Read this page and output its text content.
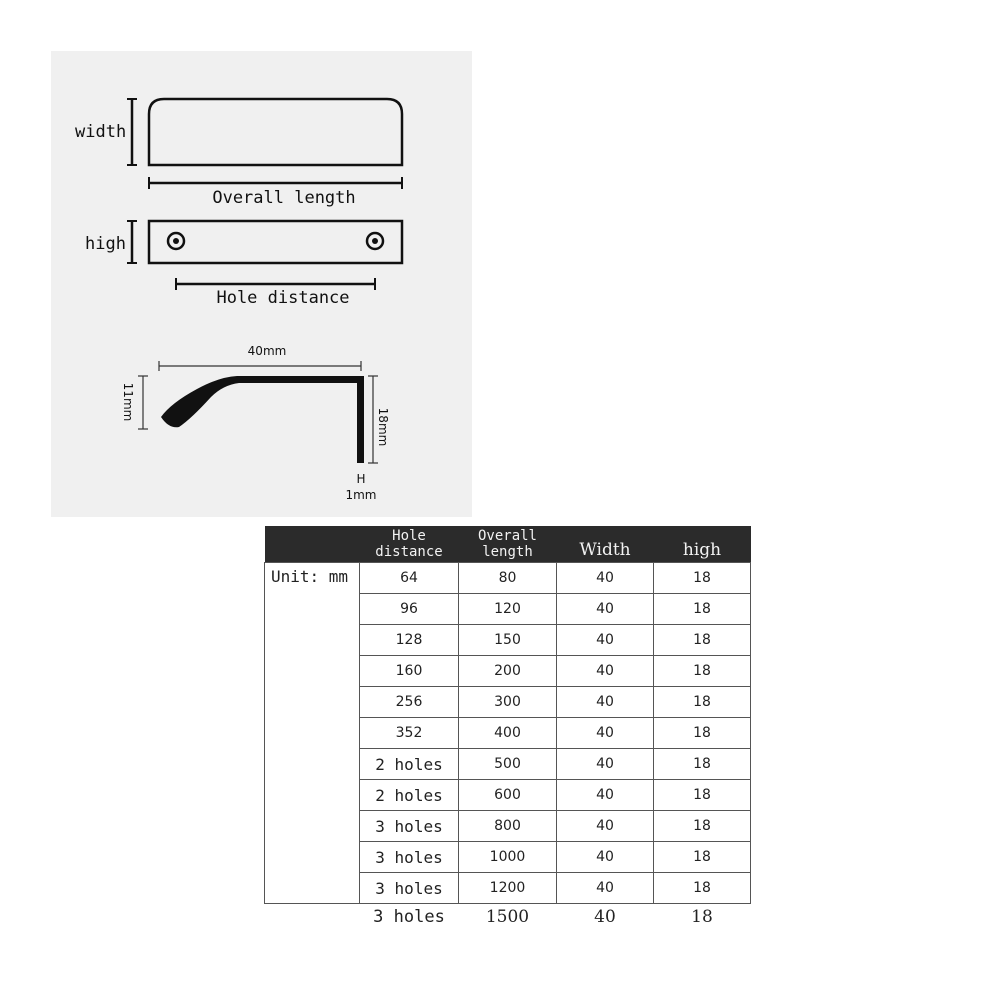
width
Overall length
high
Hole distance
40mm
11mm
18mm
H
1mm
	Hole distance	Overall length	Width	high
Unit: mm	64	80	40	18
	96	120	40	18
	128	150	40	18
	160	200	40	18
	256	300	40	18
	352	400	40	18
	2 holes	500	40	18
	2 holes	600	40	18
	3 holes	800	40	18
	3 holes	1000	40	18
	3 holes	1200	40	18
	3 holes	1500	40	18
